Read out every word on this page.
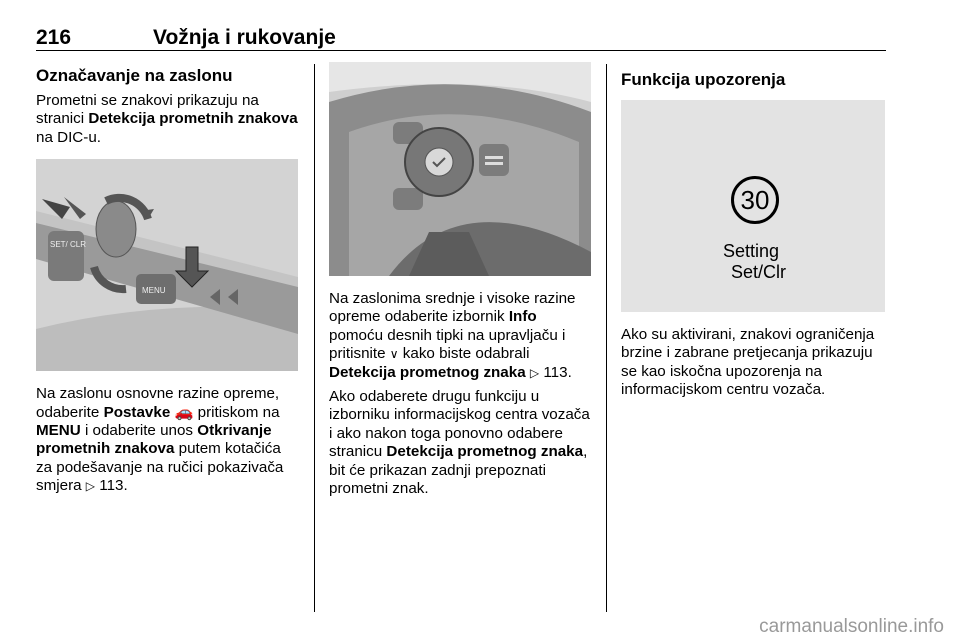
216	Vožnja i rukovanje
Označavanje na zaslonu

Prometni se znakovi prikazuju na stranici Detekcija prometnih znakova na DIC-u.

SET/ CLR
MENU

Na zaslonu osnovne razine opreme, odaberite Postavke 🚗 pritiskom na MENU i odaberite unos Otkrivanje prometnih znakova putem kotačića za podešavanje na ručici pokazivača smjera ▷ 113.

Na zaslonima srednje i visoke razine opreme odaberite izbornik Info pomoću desnih tipki na upravljaču i pritisnite ∨ kako biste odabrali Detekcija prometnog znaka ▷ 113.

Ako odaberete drugu funkciju u izborniku informacijskog centra vozača i ako nakon toga ponovno odabere stranicu Detekcija prometnog znaka, bit će prikazan zadnji prepoznati prometni znak.

Funkcija upozorenja
30
Setting
Set/Clr

Ako su aktivirani, znakovi ograničenja brzine i zabrane pretjecanja prikazuju se kao iskočna upozorenja na informacijskom centru vozača.

carmanualsonline.info
